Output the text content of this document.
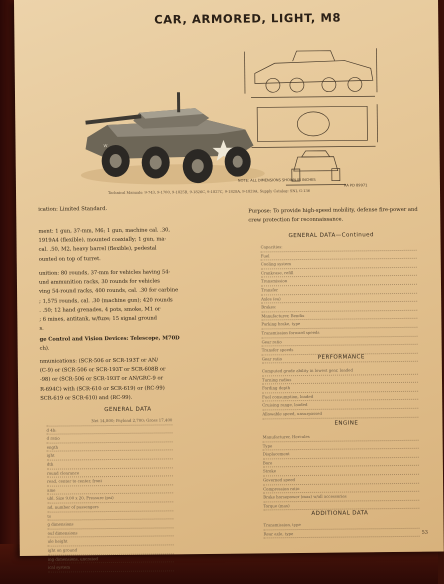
CAR, ARMORED, LIGHT, M8
W
NOTE: ALL DIMENSIONS SHOWN IN INCHES
RA PD 89971
Technical Manuals: 9-743, 9-1700, 9-1825B, 9-1826C, 9-1827C, 9-1828A, 9-1829A. Supply Catalog: SNL G-136
ication: Limited Standard.
ment: 1 gun, 37-mm, M6; 1 gun, machine cal. .30,
1919A4 (flexible), mounted coaxially; 1 gun, ma-
cal. .50, M2, heavy barrel (flexible), pedestal
ounted on top of turret.
unition: 80 rounds, 37-mm for vehicles having 54-
und ammunition racks, 30 rounds for vehicles
ving 54-round racks, 400 rounds, cal. .30 for carbine
; 1,575 rounds, cal. .30 (machine gun); 420 rounds
. .50; 12 hand grenades, 4 pots, smoke, M1 or
; 6 mines, antitank, w/fuze; 15 signal ground
s.
ge Control and Vision Devices: Telescope, M70D
ch).
nmunications: (SCR-506 or SCR-193T or AN/
(C-9) or (SCR-506 or SCR-193T or SCR-608B or
-98) or (SCR-506 or SCR-193T or AN/GRC-9 or
R-694C) with (SCR-610 or SCR-619) or (RC-99)
SCR-619 or SCR-610) and (RC-99).
GENERAL DATA
Net 14,800; Payload 2,700; Gross 17,400
d 4b:
d ratio
ength
ight
dth
round clearance
read, center to center, front
ame
ubl. Size 9.00 x 20, Pressure (psi)
nd, number of passengers
ts
g dimensions
ouf dimensions
ule height
ight on ground
ing dimensions, uncrated
ical system
Purpose: To provide high-speed mobility, defense fire-power and crew protection for reconnaissance.
GENERAL DATA—Continued
Capacities:
Fuel
Cooling system
Crankcase, refill
Transmission
Transfer
Axles (ea)
Brakes:
Manufacturer, Bendix
Parking brake, type
Transmission forward speeds
Gear ratio
Transfer speeds
Gear ratio	PERFORMANCE
Computed grade ability in lowest gear, loaded
Turning radius
Fording depth
Fuel consumption, loaded
Cruising range, loaded
Allowable speed, unsurpassed
ENGINE
Manufacturer, Hercules
Type
Displacement
Bore
Stroke
Governed speed
Compression ratio
Brake horsepower (max) w/all accessories
Torque (max)
ADDITIONAL DATA
Transmission, type
Rear axle, type	53
